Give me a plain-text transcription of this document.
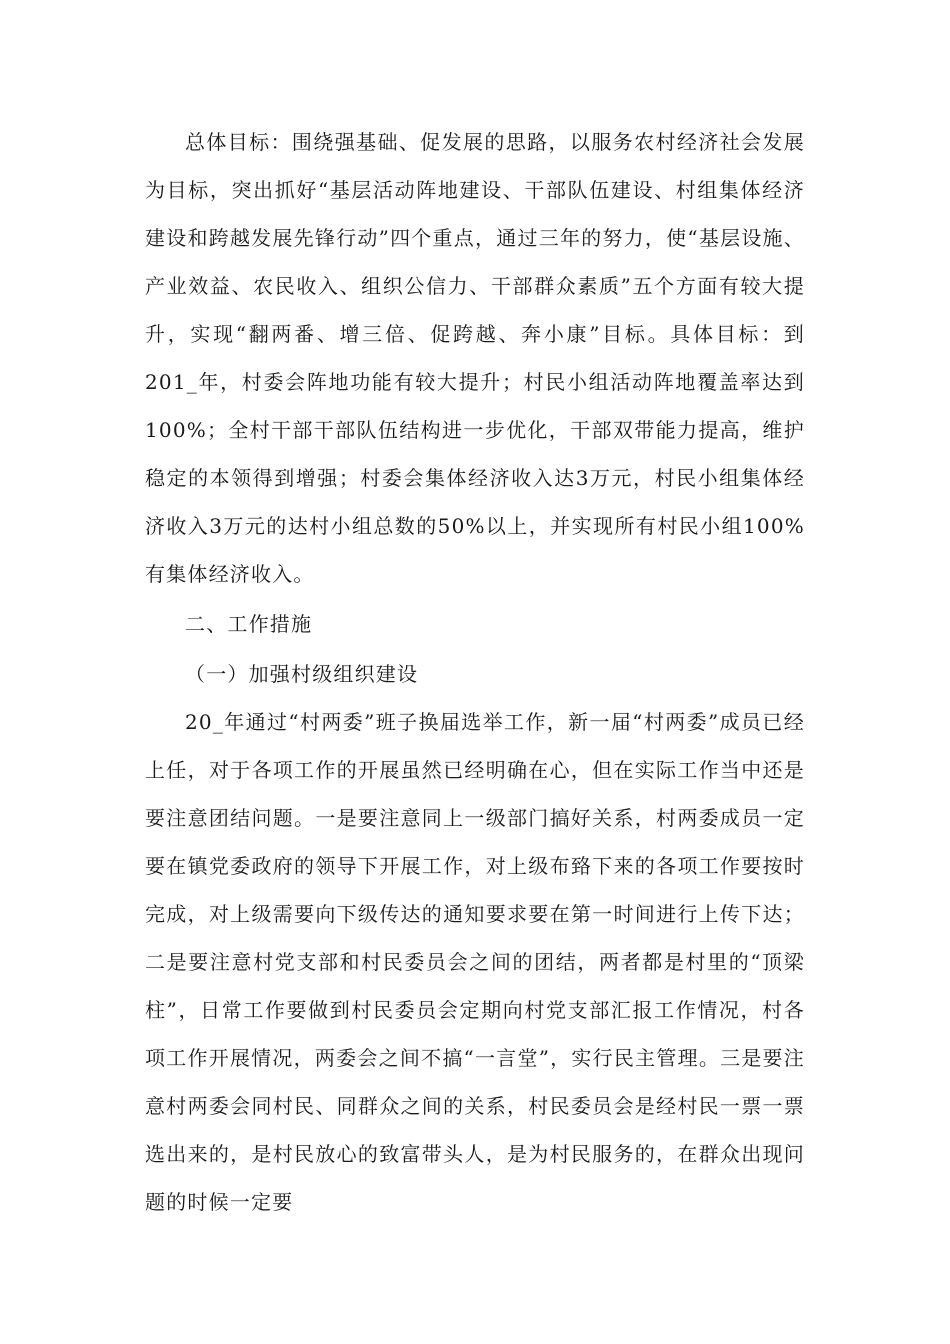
总体目标：围绕强基础、促发展的思路，以服务农村经济社会发展为目标，突出抓好“基层活动阵地建设、干部队伍建设、村组集体经济建设和跨越发展先锋行动”四个重点，通过三年的努力，使“基层设施、产业效益、农民收入、组织公信力、干部群众素质”五个方面有较大提升，实现“翻两番、增三倍、促跨越、奔小康”目标。具体目标：到201_年，村委会阵地功能有较大提升；村民小组活动阵地覆盖率达到100%；全村干部干部队伍结构进一步优化，干部双带能力提高，维护稳定的本领得到增强；村委会集体经济收入达3万元，村民小组集体经济收入3万元的达村小组总数的50%以上，并实现所有村民小组100%有集体经济收入。

二、工作措施

（一）加强村级组织建设

20_年通过“村两委”班子换届选举工作，新一届“村两委”成员已经上任，对于各项工作的开展虽然已经明确在心，但在实际工作当中还是要注意团结问题。一是要注意同上一级部门搞好关系，村两委成员一定要在镇党委政府的领导下开展工作，对上级布臵下来的各项工作要按时完成，对上级需要向下级传达的通知要求要在第一时间进行上传下达；二是要注意村党支部和村民委员会之间的团结，两者都是村里的“顶梁柱”，日常工作要做到村民委员会定期向村党支部汇报工作情况，村各项工作开展情况，两委会之间不搞“一言堂”，实行民主管理。三是要注意村两委会同村民、同群众之间的关系，村民委员会是经村民一票一票选出来的，是村民放心的致富带头人，是为村民服务的，在群众出现问题的时候一定要
